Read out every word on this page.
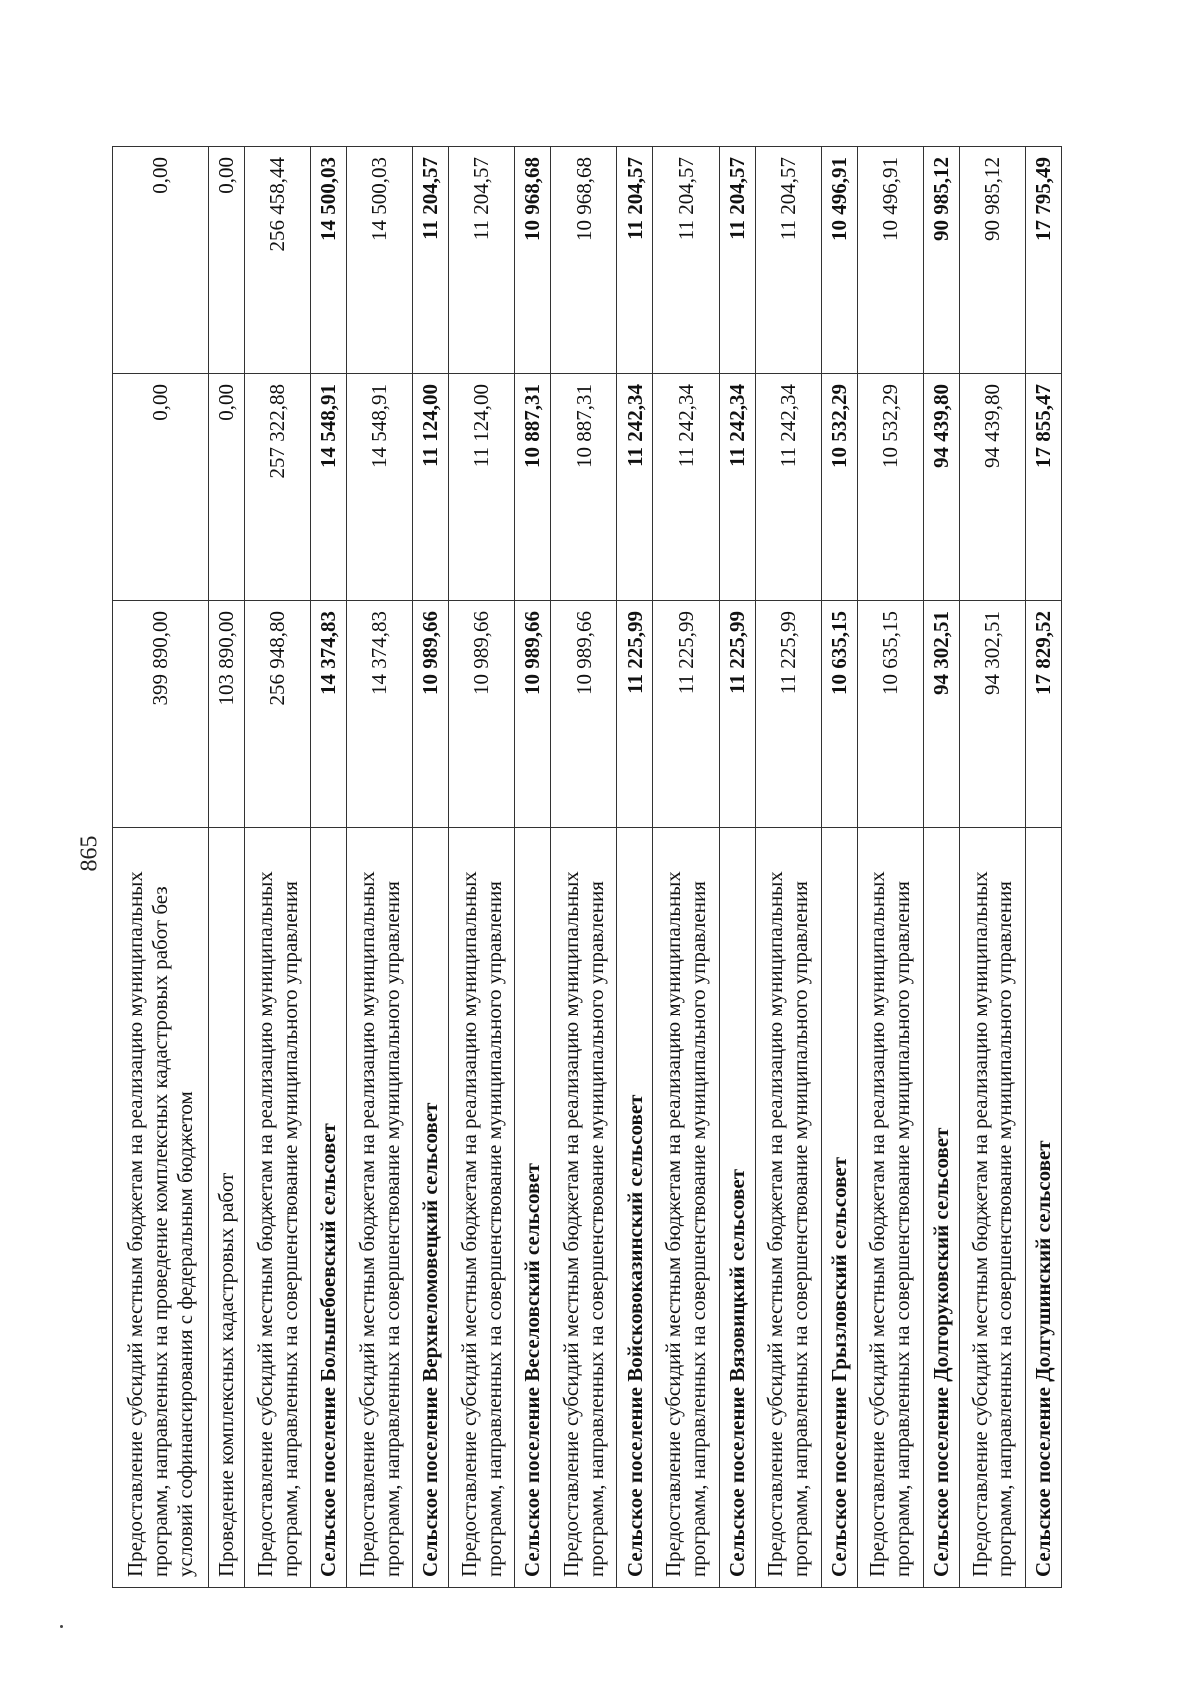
865
Предоставление субсидий местным бюджетам на реализацию муниципальных программ, направленных на проведение комплексных кадастровых работ без условий софинансирования с федеральным бюджетом	399 890,00	0,00	0,00
Проведение комплексных кадастровых работ	103 890,00	0,00	0,00
Предоставление субсидий местным бюджетам на реализацию муниципальных программ, направленных на совершенствование муниципального управления	256 948,80	257 322,88	256 458,44
Сельское поселение Большебоевский сельсовет	14 374,83	14 548,91	14 500,03
Предоставление субсидий местным бюджетам на реализацию муниципальных программ, направленных на совершенствование муниципального управления	14 374,83	14 548,91	14 500,03
Сельское поселение Верхнеломовецкий сельсовет	10 989,66	11 124,00	11 204,57
Предоставление субсидий местным бюджетам на реализацию муниципальных программ, направленных на совершенствование муниципального управления	10 989,66	11 124,00	11 204,57
Сельское поселение Веселовский сельсовет	10 989,66	10 887,31	10 968,68
Предоставление субсидий местным бюджетам на реализацию муниципальных программ, направленных на совершенствование муниципального управления	10 989,66	10 887,31	10 968,68
Сельское поселение Войсковоказинский сельсовет	11 225,99	11 242,34	11 204,57
Предоставление субсидий местным бюджетам на реализацию муниципальных программ, направленных на совершенствование муниципального управления	11 225,99	11 242,34	11 204,57
Сельское поселение Вязовицкий сельсовет	11 225,99	11 242,34	11 204,57
Предоставление субсидий местным бюджетам на реализацию муниципальных программ, направленных на совершенствование муниципального управления	11 225,99	11 242,34	11 204,57
Сельское поселение Грызловский сельсовет	10 635,15	10 532,29	10 496,91
Предоставление субсидий местным бюджетам на реализацию муниципальных программ, направленных на совершенствование муниципального управления	10 635,15	10 532,29	10 496,91
Сельское поселение Долгоруковский сельсовет	94 302,51	94 439,80	90 985,12
Предоставление субсидий местным бюджетам на реализацию муниципальных программ, направленных на совершенствование муниципального управления	94 302,51	94 439,80	90 985,12
Сельское поселение Долгушинский сельсовет	17 829,52	17 855,47	17 795,49
